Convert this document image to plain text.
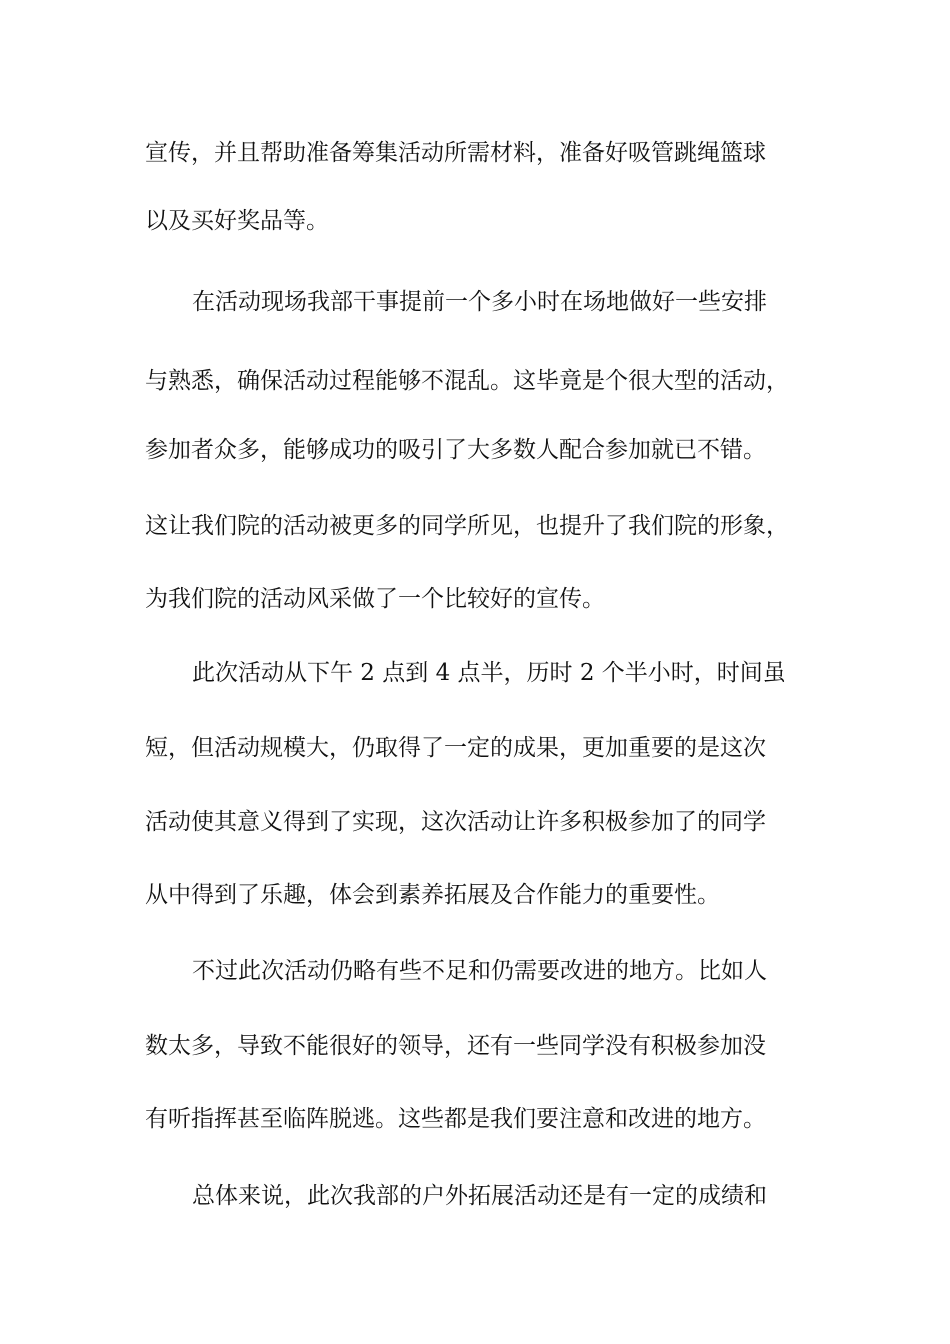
宣传，并且帮助准备筹集活动所需材料，准备好吸管跳绳篮球
以及买好奖品等。
在活动现场我部干事提前一个多小时在场地做好一些安排
与熟悉，确保活动过程能够不混乱。这毕竟是个很大型的活动，
参加者众多，能够成功的吸引了大多数人配合参加就已不错。
这让我们院的活动被更多的同学所见，也提升了我们院的形象，
为我们院的活动风采做了一个比较好的宣传。
此次活动从下午 2 点到 4 点半，历时 2 个半小时，时间虽
短，但活动规模大，仍取得了一定的成果，更加重要的是这次
活动使其意义得到了实现，这次活动让许多积极参加了的同学
从中得到了乐趣，体会到素养拓展及合作能力的重要性。
不过此次活动仍略有些不足和仍需要改进的地方。比如人
数太多，导致不能很好的领导，还有一些同学没有积极参加没
有听指挥甚至临阵脱逃。这些都是我们要注意和改进的地方。
总体来说，此次我部的户外拓展活动还是有一定的成绩和
